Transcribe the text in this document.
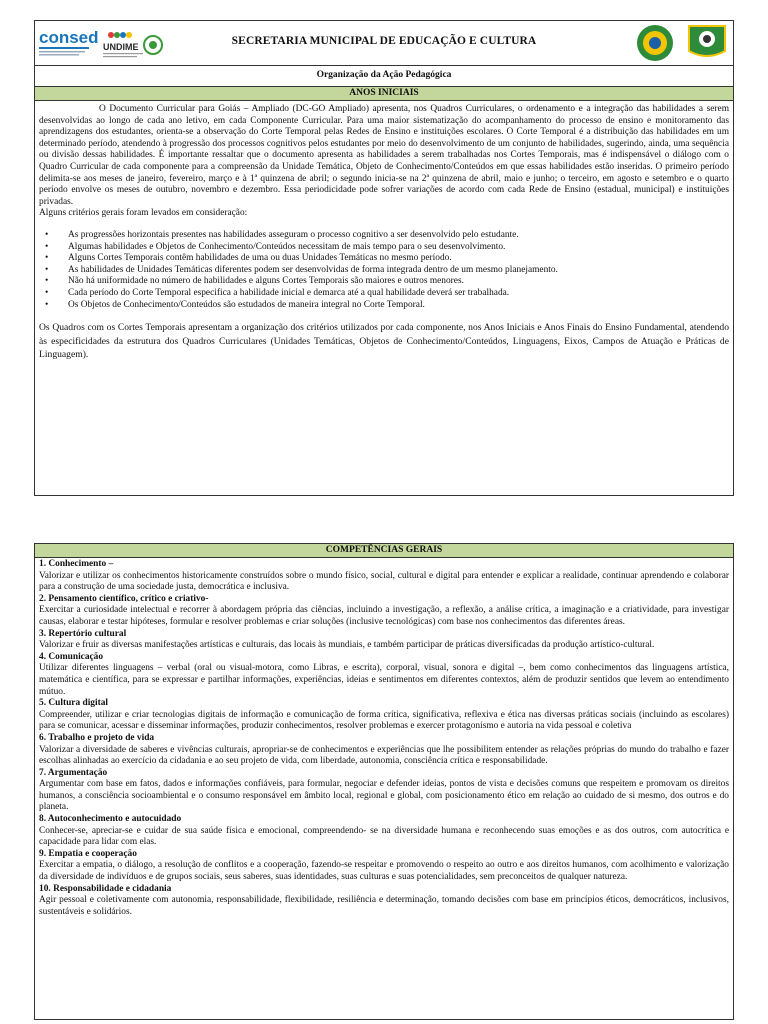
consed UNDIME	SECRETARIA MUNICIPAL DE EDUCAÇÃO E CULTURA
Organização da Ação Pedagógica
ANOS INICIAIS

O Documento Curricular para Goiás – Ampliado (DC-GO Ampliado) apresenta, nos Quadros Curriculares, o ordenamento e a integração das habilidades a serem desenvolvidas ao longo de cada ano letivo, em cada Componente Curricular. Para uma maior sistematização do acompanhamento do processo de ensino e monitoramento das aprendizagens dos estudantes, orienta-se a observação do Corte Temporal pelas Redes de Ensino e instituições escolares. O Corte Temporal é a distribuição das habilidades em um determinado período, atendendo à progressão dos processos cognitivos pelos estudantes por meio do desenvolvimento de um conjunto de habilidades, sugerindo, ainda, uma sequência ou divisão dessas habilidades. É importante ressaltar que o documento apresenta as habilidades a serem trabalhadas nos Cortes Temporais, mas é indispensável o diálogo com o Quadro Curricular de cada componente para a compreensão da Unidade Temática, Objeto de Conhecimento/Conteúdos em que essas habilidades estão inseridas. O primeiro período delimita-se aos meses de janeiro, fevereiro, março e à 1ª quinzena de abril; o segundo inicia-se na 2ª quinzena de abril, maio e junho; o terceiro, em agosto e setembro e o quarto período envolve os meses de outubro, novembro e dezembro. Essa periodicidade pode sofrer variações de acordo com cada Rede de Ensino (estadual, municipal) e instituições privadas.

Alguns critérios gerais foram levados em consideração:

• As progressões horizontais presentes nas habilidades asseguram o processo cognitivo a ser desenvolvido pelo estudante.
• Algumas habilidades e Objetos de Conhecimento/Conteúdos necessitam de mais tempo para o seu desenvolvimento.
• Alguns Cortes Temporais contêm habilidades de uma ou duas Unidades Temáticas no mesmo período.
• As habilidades de Unidades Temáticas diferentes podem ser desenvolvidas de forma integrada dentro de um mesmo planejamento.
• Não há uniformidade no número de habilidades e alguns Cortes Temporais são maiores e outros menores.
• Cada período do Corte Temporal especifica a habilidade inicial e demarca até a qual habilidade deverá ser trabalhada.
• Os Objetos de Conhecimento/Conteúdos são estudados de maneira integral no Corte Temporal.

Os Quadros com os Cortes Temporais apresentam a organização dos critérios utilizados por cada componente, nos Anos Iniciais e Anos Finais do Ensino Fundamental, atendendo às especificidades da estrutura dos Quadros Curriculares (Unidades Temáticas, Objetos de Conhecimento/Conteúdos, Linguagens, Eixos, Campos de Atuação e Práticas de Linguagem).

COMPETÊNCIAS GERAIS
1. Conhecimento –
Valorizar e utilizar os conhecimentos historicamente construídos sobre o mundo físico, social, cultural e digital para entender e explicar a realidade, continuar aprendendo e colaborar para a construção de uma sociedade justa, democrática e inclusiva.
2. Pensamento científico, crítico e criativo-
Exercitar a curiosidade intelectual e recorrer à abordagem própria das ciências, incluindo a investigação, a reflexão, a análise crítica, a imaginação e a criatividade, para investigar causas, elaborar e testar hipóteses, formular e resolver problemas e criar soluções (inclusive tecnológicas) com base nos conhecimentos das diferentes áreas.
3. Repertório cultural
Valorizar e fruir as diversas manifestações artísticas e culturais, das locais às mundiais, e também participar de práticas diversificadas da produção artístico-cultural.
4. Comunicação
Utilizar diferentes linguagens – verbal (oral ou visual-motora, como Libras, e escrita), corporal, visual, sonora e digital –, bem como conhecimentos das linguagens artística, matemática e científica, para se expressar e partilhar informações, experiências, ideias e sentimentos em diferentes contextos, além de produzir sentidos que levem ao entendimento mútuo.
5. Cultura digital
Compreender, utilizar e criar tecnologias digitais de informação e comunicação de forma crítica, significativa, reflexiva e ética nas diversas práticas sociais (incluindo as escolares) para se comunicar, acessar e disseminar informações, produzir conhecimentos, resolver problemas e exercer protagonismo e autoria na vida pessoal e coletiva
6. Trabalho e projeto de vida
Valorizar a diversidade de saberes e vivências culturais, apropriar-se de conhecimentos e experiências que lhe possibilitem entender as relações próprias do mundo do trabalho e fazer escolhas alinhadas ao exercício da cidadania e ao seu projeto de vida, com liberdade, autonomia, consciência crítica e responsabilidade.
7. Argumentação
Argumentar com base em fatos, dados e informações confiáveis, para formular, negociar e defender ideias, pontos de vista e decisões comuns que respeitem e promovam os direitos humanos, a consciência socioambiental e o consumo responsável em âmbito local, regional e global, com posicionamento ético em relação ao cuidado de si mesmo, dos outros e do planeta.
8. Autoconhecimento e autocuidado
Conhecer-se, apreciar-se e cuidar de sua saúde física e emocional, compreendendo- se na diversidade humana e reconhecendo suas emoções e as dos outros, com autocrítica e capacidade para lidar com elas.
9. Empatia e cooperação
Exercitar a empatia, o diálogo, a resolução de conflitos e a cooperação, fazendo-se respeitar e promovendo o respeito ao outro e aos direitos humanos, com acolhimento e valorização da diversidade de indivíduos e de grupos sociais, seus saberes, suas identidades, suas culturas e suas potencialidades, sem preconceitos de qualquer natureza.
10. Responsabilidade e cidadania
Agir pessoal e coletivamente com autonomia, responsabilidade, flexibilidade, resiliência e determinação, tomando decisões com base em princípios éticos, democráticos, inclusivos, sustentáveis e solidários.
